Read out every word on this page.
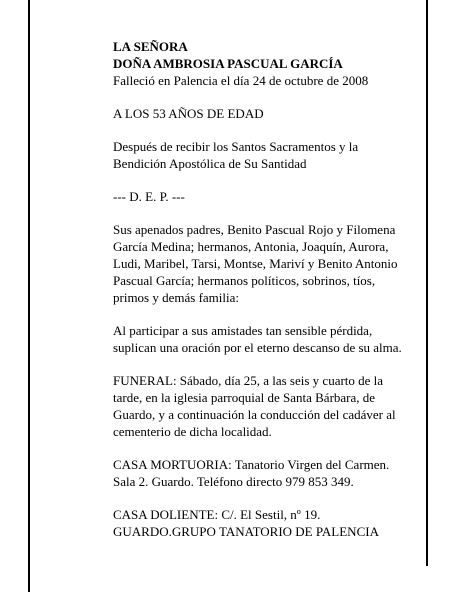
LA SEÑORA

DOÑA AMBROSIA PASCUAL GARCÍA

Falleció en Palencia el día 24 de octubre de 2008

A LOS 53 AÑOS DE EDAD

Después de recibir los Santos Sacramentos y la

Bendición Apostólica de Su Santidad

--- D. E. P. ---

Sus apenados padres, Benito Pascual Rojo y Filomena

García Medina; hermanos, Antonia, Joaquín, Aurora,

Ludi, Maribel, Tarsi, Montse, Mariví y Benito Antonio

Pascual García; hermanos políticos, sobrinos, tíos,

primos y demás familia:

Al participar a sus amistades tan sensible pérdida,

suplican una oración por el eterno descanso de su alma.

FUNERAL: Sábado, día 25, a las seis y cuarto de la

tarde, en la iglesia parroquial de Santa Bárbara, de

Guardo, y a continuación la conducción del cadáver al

cementerio de dicha localidad.

CASA MORTUORIA: Tanatorio Virgen del Carmen.

Sala 2. Guardo. Teléfono directo 979 853 349.

CASA DOLIENTE: C/. El Sestil, nº 19.

GUARDO.GRUPO TANATORIO DE PALENCIA
